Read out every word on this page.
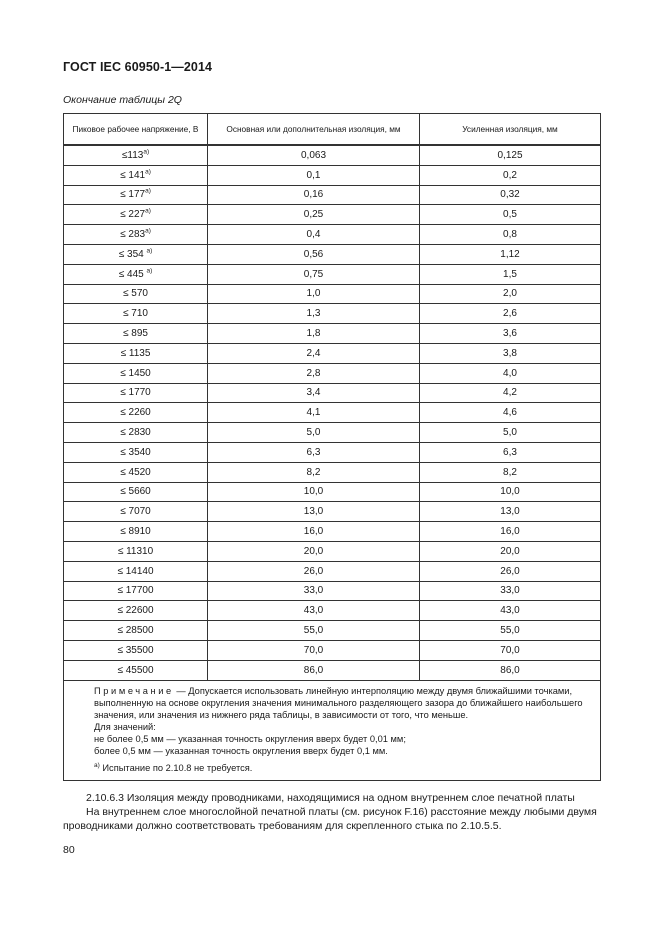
ГОСТ IEC 60950-1—2014
Окончание таблицы 2Q
Пиковое рабочее напряжение, В	Основная или дополнительная изоляция, мм	Усиленная изоляция, мм
$\le 113^{а)}$	0,063	0,125
≤ $141^{а)}$	0,1	0,2
≤ $177^{а)}$	0,16	0,32
≤ $227^{а)}$	0,25	0,5
≤ $283^{а)}$	0,4	0,8
≤ 354 $^{а)}$	0,56	1,12
≤ 445 $^{а)}$	0,75	1,5
≤ 570	1,0	2,0
≤ 710	1,3	2,6
≤ 895	1,8	3,6
≤ 1135	2,4	3,8
≤ 1450	2,8	4,0
≤ 1770	3,4	4,2
≤ 2260	4,1	4,6
≤ 2830	5,0	5,0
≤ 3540	6,3	6,3
≤ 4520	8,2	8,2
≤ 5660	10,0	10,0
≤ 7070	13,0	13,0
≤ 8910	16,0	16,0
≤ 11310	20,0	20,0
≤ 14140	26,0	26,0
≤ 17700	33,0	33,0
≤ 22600	43,0	43,0
≤ 28500	55,0	55,0
≤ 35500	70,0	70,0
≤ 45500	86,0	86,0

Примечание — Допускается использовать линейную интерполяцию между двумя ближайшими точками, выполненную на основе округления значения минимального разделяющего зазора до ближайшего наибольшего значения, или значения из нижнего ряда таблицы, в зависимости от того, что меньше.
Для значений:
не более 0,5 мм — указанная точность округления вверх будет 0,01 мм;
более 0,5 мм — указанная точность округления вверх будет 0,1 мм.
$^{а)}$ Испытание по 2.10.8 не требуется.		
2.10.6.3 Изоляция между проводниками, находящимися на одном внутреннем слое печатной платы
На внутреннем слое многослойной печатной платы (см. рисунок F.16) расстояние между любыми двумя проводниками должно соответствовать требованиям для скрепленного стыка по 2.10.5.5.
80
